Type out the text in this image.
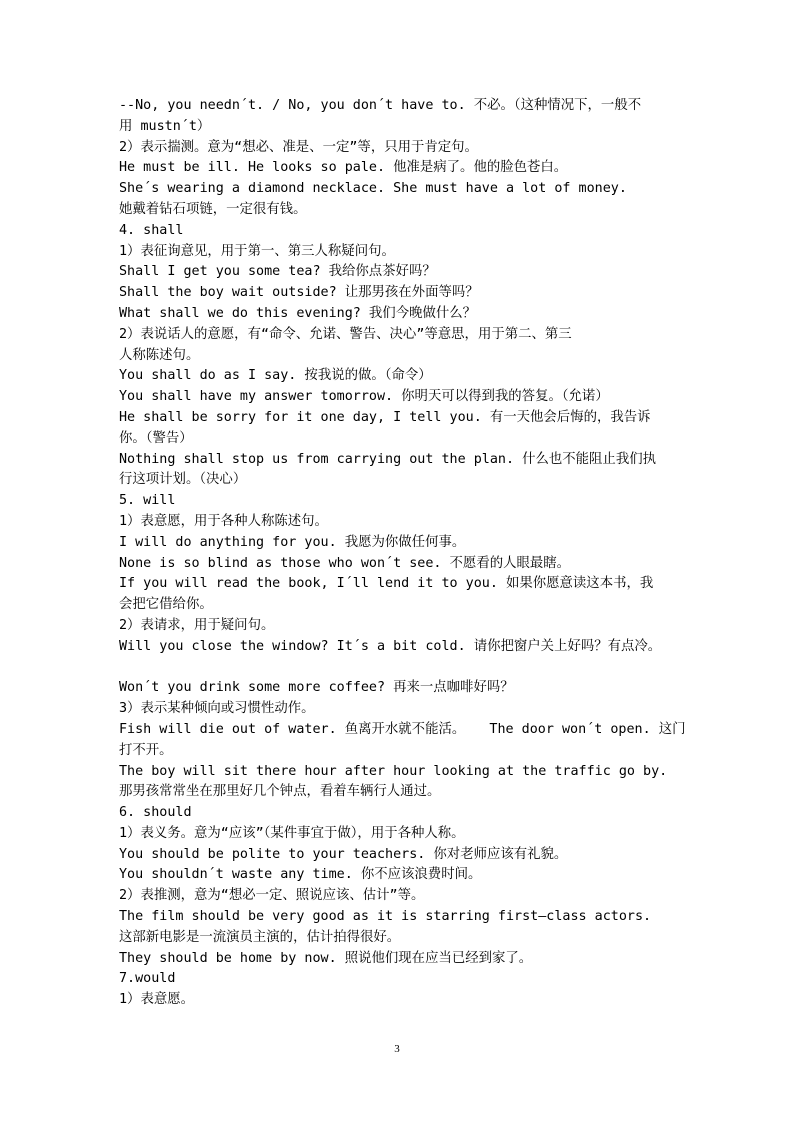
--No, you needn´t. / No, you don´t have to. 不必。（这种情况下，一般不
用 mustn´t）
2）表示揣测。意为“想必、准是、一定”等，只用于肯定句。
He must be ill. He looks so pale. 他准是病了。他的脸色苍白。
She´s wearing a diamond necklace. She must have a lot of money.
她戴着钻石项链，一定很有钱。
4. shall
1）表征询意见，用于第一、第三人称疑问句。
Shall I get you some tea? 我给你点茶好吗？
Shall the boy wait outside? 让那男孩在外面等吗？
What shall we do this evening? 我们今晚做什么？
2）表说话人的意愿，有“命令、允诺、警告、决心”等意思，用于第二、第三
人称陈述句。
You shall do as I say. 按我说的做。（命令）
You shall have my answer tomorrow. 你明天可以得到我的答复。（允诺）
He shall be sorry for it one day, I tell you. 有一天他会后悔的，我告诉
你。（警告）
Nothing shall stop us from carrying out the plan. 什么也不能阻止我们执
行这项计划。（决心）
5. will
1）表意愿，用于各种人称陈述句。
I will do anything for you. 我愿为你做任何事。
None is so blind as those who won´t see. 不愿看的人眼最瞎。
If you will read the book, I´ll lend it to you. 如果你愿意读这本书，我
会把它借给你。
2）表请求，用于疑问句。
Will you close the window? It´s a bit cold. 请你把窗户关上好吗？有点冷。
Won´t you drink some more coffee? 再来一点咖啡好吗？
3）表示某种倾向或习惯性动作。
Fish will die out of water. 鱼离开水就不能活。   The door won´t open. 这门
打不开。
The boy will sit there hour after hour looking at the traffic go by.
那男孩常常坐在那里好几个钟点，看着车辆行人通过。
6. should
1）表义务。意为“应该”（某件事宜于做），用于各种人称。
You should be polite to your teachers. 你对老师应该有礼貌。
You shouldn´t waste any time. 你不应该浪费时间。
2）表推测，意为“想必一定、照说应该、估计”等。
The film should be very good as it is starring first—class actors.
这部新电影是一流演员主演的，估计拍得很好。
They should be home by now. 照说他们现在应当已经到家了。
7.would
1）表意愿。
3
